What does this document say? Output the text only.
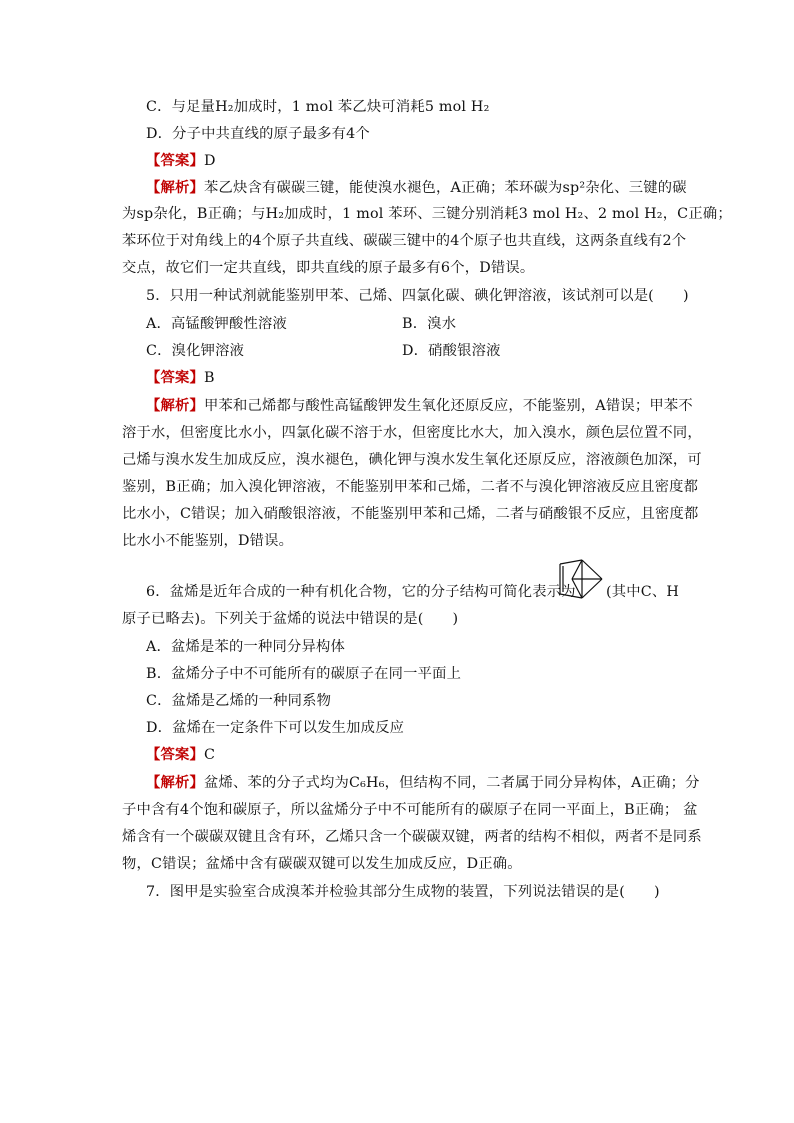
C．与足量H₂加成时，1 mol 苯乙炔可消耗5 mol H₂
D．分子中共直线的原子最多有4个
【答案】D
【解析】苯乙炔含有碳碳三键，能使溴水褪色，A正确；苯环碳为sp²杂化、三键的碳
为sp杂化，B正确；与H₂加成时，1 mol 苯环、三键分别消耗3 mol H₂、2 mol H₂，C正确；
苯环位于对角线上的4个原子共直线、碳碳三键中的4个原子也共直线，这两条直线有2个
交点，故它们一定共直线，即共直线的原子最多有6个，D错误。
5．只用一种试剂就能鉴别甲苯、己烯、四氯化碳、碘化钾溶液，该试剂可以是(　　)
A．高锰酸钾酸性溶液	B．溴水
C．溴化钾溶液	D．硝酸银溶液
【答案】B
【解析】甲苯和己烯都与酸性高锰酸钾发生氧化还原反应，不能鉴别，A错误；甲苯不
溶于水，但密度比水小，四氯化碳不溶于水，但密度比水大，加入溴水，颜色层位置不同，
己烯与溴水发生加成反应，溴水褪色，碘化钾与溴水发生氧化还原反应，溶液颜色加深，可
鉴别，B正确；加入溴化钾溶液，不能鉴别甲苯和己烯，二者不与溴化钾溶液反应且密度都
比水小，C错误；加入硝酸银溶液，不能鉴别甲苯和己烯，二者与硝酸银不反应，且密度都
比水小不能鉴别，D错误。
6．盆烯是近年合成的一种有机化合物，它的分子结构可简化表示为	(其中C、H
原子已略去)。下列关于盆烯的说法中错误的是(　　)
A．盆烯是苯的一种同分异构体
B．盆烯分子中不可能所有的碳原子在同一平面上
C．盆烯是乙烯的一种同系物
D．盆烯在一定条件下可以发生加成反应
【答案】C
【解析】盆烯、苯的分子式均为C₆H₆，但结构不同，二者属于同分异构体，A正确；分
子中含有4个饱和碳原子，所以盆烯分子中不可能所有的碳原子在同一平面上，B正确； 盆
烯含有一个碳碳双键且含有环，乙烯只含一个碳碳双键，两者的结构不相似，两者不是同系
物，C错误；盆烯中含有碳碳双键可以发生加成反应，D正确。
7．图甲是实验室合成溴苯并检验其部分生成物的装置，下列说法错误的是(　　)
